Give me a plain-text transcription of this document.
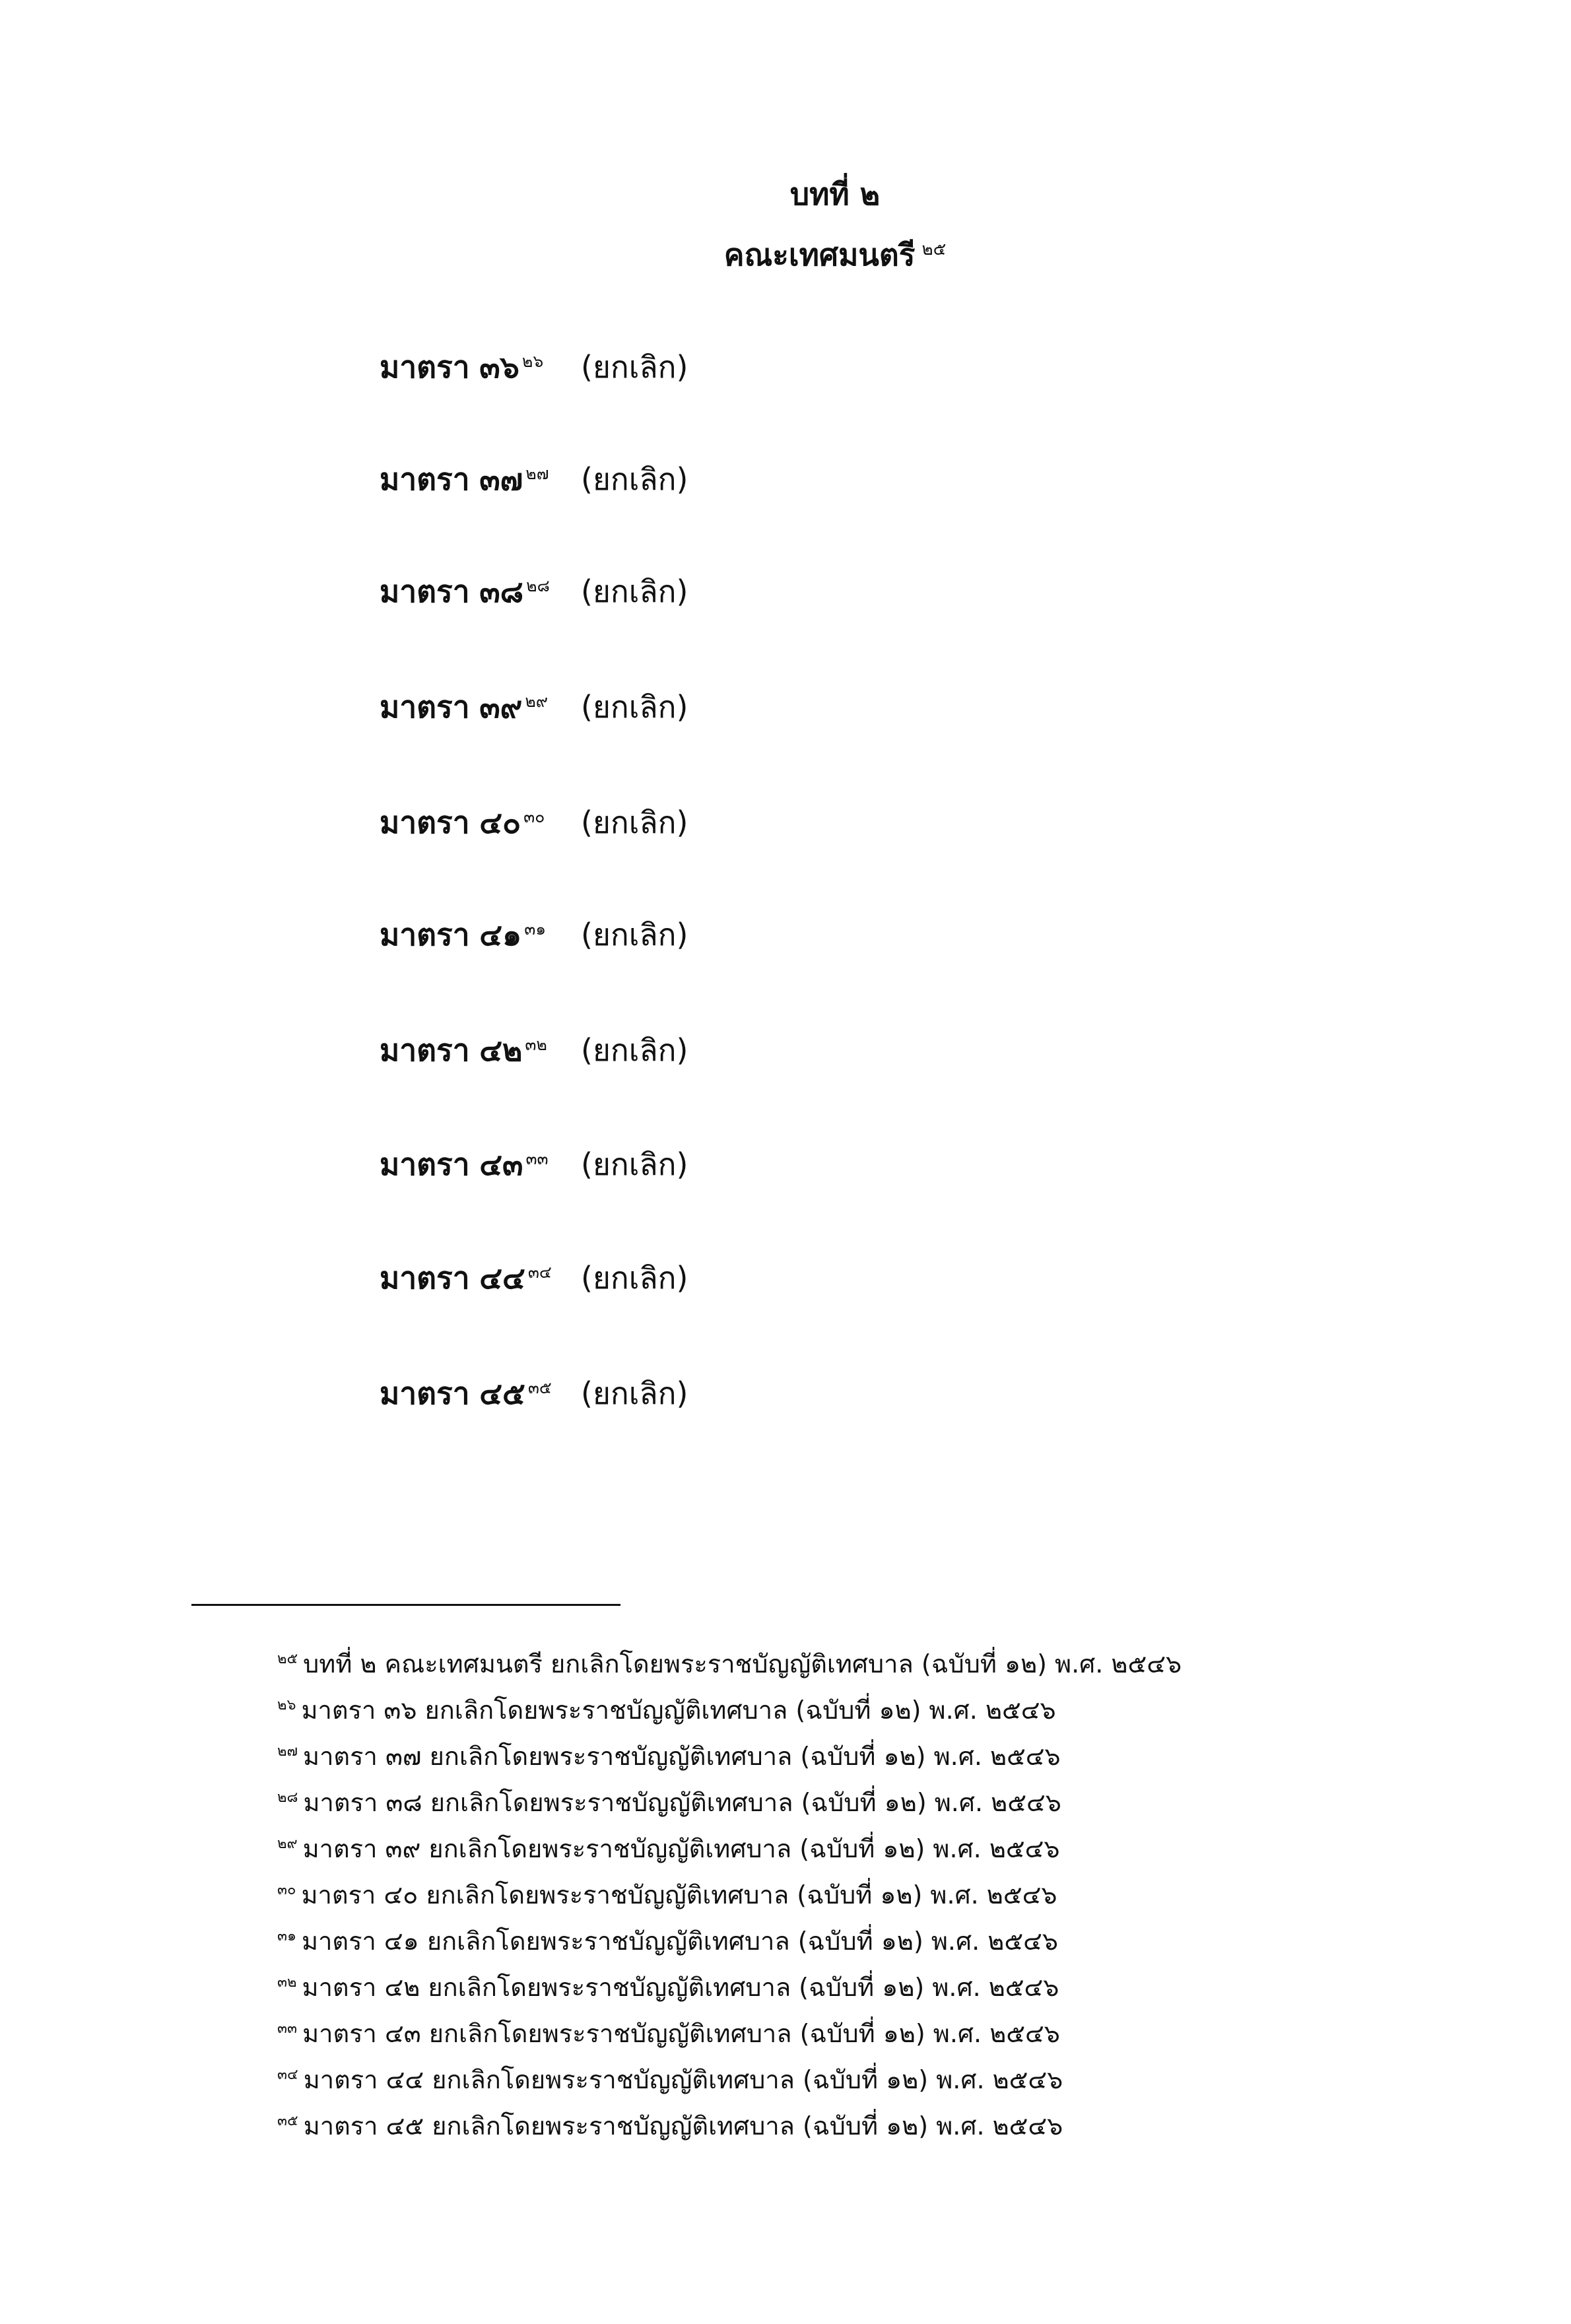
บทที่ ๒
คณะเทศมนตรี $^{๒๕}$
มาตรา ๓๖ $^{๒๖}$ (ยกเลิก)
มาตรา ๓๗ $^{๒๗}$ (ยกเลิก)
มาตรา ๓๘ $^{๒๘}$ (ยกเลิก)
มาตรา ๓๙ $^{๒๙}$ (ยกเลิก)
มาตรา ๔๐ $^{๓๐}$ (ยกเลิก)
มาตรา ๔๑ $^{๓๑}$ (ยกเลิก)
มาตรา ๔๒ $^{๓๒}$ (ยกเลิก)
มาตรา ๔๓ $^{๓๓}$ (ยกเลิก)
มาตรา ๔๔ $^{๓๔}$ (ยกเลิก)
มาตรา ๔๕ $^{๓๕}$ (ยกเลิก)
$^{๒๕}$ บทที่ ๒ คณะเทศมนตรี ยกเลิกโดยพระราชบัญญัติเทศบาล (ฉบับที่ ๑๒) พ.ศ. ๒๕๔๖
$^{๒๖}$ มาตรา ๓๖ ยกเลิกโดยพระราชบัญญัติเทศบาล (ฉบับที่ ๑๒) พ.ศ. ๒๕๔๖
$^{๒๗}$ มาตรา ๓๗ ยกเลิกโดยพระราชบัญญัติเทศบาล (ฉบับที่ ๑๒) พ.ศ. ๒๕๔๖
$^{๒๘}$ มาตรา ๓๘ ยกเลิกโดยพระราชบัญญัติเทศบาล (ฉบับที่ ๑๒) พ.ศ. ๒๕๔๖
$^{๒๙}$ มาตรา ๓๙ ยกเลิกโดยพระราชบัญญัติเทศบาล (ฉบับที่ ๑๒) พ.ศ. ๒๕๔๖
$^{๓๐}$ มาตรา ๔๐ ยกเลิกโดยพระราชบัญญัติเทศบาล (ฉบับที่ ๑๒) พ.ศ. ๒๕๔๖
$^{๓๑}$ มาตรา ๔๑ ยกเลิกโดยพระราชบัญญัติเทศบาล (ฉบับที่ ๑๒) พ.ศ. ๒๕๔๖
$^{๓๒}$ มาตรา ๔๒ ยกเลิกโดยพระราชบัญญัติเทศบาล (ฉบับที่ ๑๒) พ.ศ. ๒๕๔๖
$^{๓๓}$ มาตรา ๔๓ ยกเลิกโดยพระราชบัญญัติเทศบาล (ฉบับที่ ๑๒) พ.ศ. ๒๕๔๖
$^{๓๔}$ มาตรา ๔๔ ยกเลิกโดยพระราชบัญญัติเทศบาล (ฉบับที่ ๑๒) พ.ศ. ๒๕๔๖
$^{๓๕}$ มาตรา ๔๕ ยกเลิกโดยพระราชบัญญัติเทศบาล (ฉบับที่ ๑๒) พ.ศ. ๒๕๔๖
